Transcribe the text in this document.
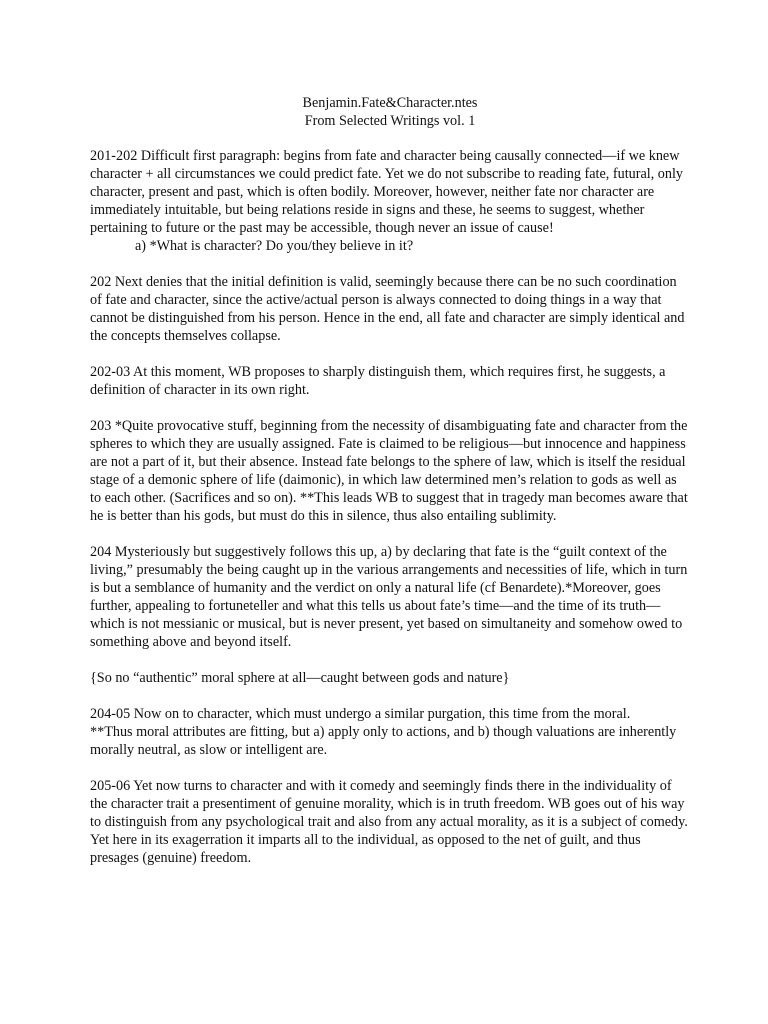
Benjamin.Fate&Character.ntes
From Selected Writings vol. 1

201-202 Difficult first paragraph: begins from fate and character being causally connected—if we knew character + all circumstances we could predict fate. Yet we do not subscribe to reading fate, futural, only character, present and past, which is often bodily. Moreover, however, neither fate nor character are immediately intuitable, but being relations reside in signs and these, he seems to suggest, whether pertaining to future or the past may be accessible, though never an issue of cause!

a) *What is character? Do you/they believe in it?

202 Next denies that the initial definition is valid, seemingly because there can be no such coordination of fate and character, since the active/actual person is always connected to doing things in a way that cannot be distinguished from his person. Hence in the end, all fate and character are simply identical and the concepts themselves collapse.

202-03 At this moment, WB proposes to sharply distinguish them, which requires first, he suggests, a definition of character in its own right.

203 *Quite provocative stuff, beginning from the necessity of disambiguating fate and character from the spheres to which they are usually assigned. Fate is claimed to be religious—but innocence and happiness are not a part of it, but their absence. Instead fate belongs to the sphere of law, which is itself the residual stage of a demonic sphere of life (daimonic), in which law determined men’s relation to gods as well as to each other. (Sacrifices and so on). **This leads WB to suggest that in tragedy man becomes aware that he is better than his gods, but must do this in silence, thus also entailing sublimity.

204 Mysteriously but suggestively follows this up, a) by declaring that fate is the “guilt context of the living,” presumably the being caught up in the various arrangements and necessities of life, which in turn is but a semblance of humanity and the verdict on only a natural life (cf Benardete).*Moreover, goes further, appealing to fortuneteller and what this tells us about fate’s time—and the time of its truth—which is not messianic or musical, but is never present, yet based on simultaneity and somehow owed to something above and beyond itself.

{So no “authentic” moral sphere at all—caught between gods and nature}

204-05 Now on to character, which must undergo a similar purgation, this time from the moral.
**Thus moral attributes are fitting, but a) apply only to actions, and b) though valuations are inherently morally neutral, as slow or intelligent are.

205-06 Yet now turns to character and with it comedy and seemingly finds there in the individuality of the character trait a presentiment of genuine morality, which is in truth freedom. WB goes out of his way to distinguish from any psychological trait and also from any actual morality, as it is a subject of comedy. Yet here in its exagerration it imparts all to the individual, as opposed to the net of guilt, and thus presages (genuine) freedom.
